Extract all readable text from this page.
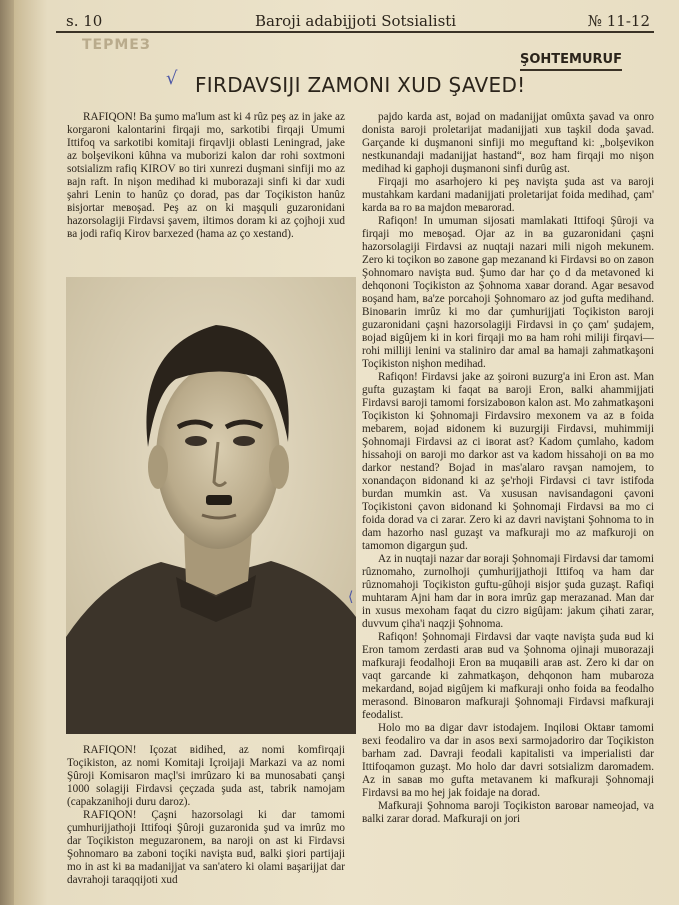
s. 10	Baroji adabijjoti Sotsialisti	№ 11-12
ТЕРМЕЗ
ŞOHTEMURUF
√ FIRDAVSIJI ZAMONI XUD ŞAVED!

RAFIQON! Ba şumo ma'lum ast ki 4 rûz peş az in jake az korgaroni kalontarini firqaji mo, sarkotibi firqaji Umumi Ittifoq va sarkotibi komitaji firqavlji oblasti Leningrad, jake az bolşevikoni kûhna va muborizi kalon dar rohi soxtmoni sotsializm rafiq KIROV ʙo tiri xunrezi duşmani sinfiji mo az ʙajn raft. In nişon medihad ki muborazaji sinfi ki dar xudi şahri Lenin to hanûz ço dorad, pas dar Toçikiston hanûz ʙisjortar meʙoşad. Peş az on ki maşquli guzaronidani hazorsolagiji Firdavsi şavem, iltimos doram ki az çojhoji xud ʙa jodi rafiq Kirov barxezed (hama az ço xestand).

⟨

RAFIQON! Içozat ʙidihed, az nomi komfirqaji Toçikiston, az nomi Komitaji Içroijaji Markazi va az nomi Şûroji Komisaron maçl'si imrûzaro ki ʙa munosabati çanşi 1000 solagiji Firdavsi çeçzada şuda ast, tabrik namojam (capakzanihoji duru daroz).

RAFIQON! Çaşni hazorsolagi ki dar tamomi çumhurijjathoji Ittifoqi Şûroji guzaronida şud va imrûz mo dar Toçikiston meguzaronem, ʙa naroji on ast ki Firdavsi Şohnomaro ʙa zaboni toçiki navişta ʙud, ʙalki şiori partijaji mo in ast ki ʙa madanijjat va san'atero ki olami ʙaşarijjat dar davrahoji taraqqijoti xud

pajdo karda ast, ʙojad on madanijjat omûxta şavad va onro donista ʙaroji proletarijat madanijjati xuʙ taşkil doda şavad. Garçande ki duşmanoni sinfiji mo meguftand ki: „bolşevikon nestkunandaji madanijjat hastand“, ʙoz ham firqaji mo nişon medihad ki gaphoji duşmanoni sinfi durûg ast.

Firqaji mo asarhojero ki peş navişta şuda ast va ʙaroji mustahkam kardani madanijjati proletarijat foida medihad, çam' karda ʙa ro ʙa majdon meʙarorad.

Rafiqon! In umuman sijosati mamlakati Ittifoqi Şûroji va firqaji mo meʙoşad. Ojar az in ʙa guzaronidani çaşni hazorsolagiji Firdavsi az nuqtaji nazari mili nigoh mekunem. Zero ki toçikon ʙo zaʙone gap mezanand ki Firdavsi ʙo on zaʙon Şohnomaro navişta ʙud. Şumo dar har ço d da metavoned ki dehqononi Toçikiston az Şohnoma xaʙar dorand. Agar ʙesavod ʙoşand ham, ʙa'ze porcahoji Şohnomaro az jod gufta medihand. Binoʙarin imrûz ki mo dar çumhurijjati Toçikiston ʙaroji guzaronidani çaşni hazorsolagiji Firdavsi in ço çam' şudajem, ʙojad ʙigûjem ki in kori firqaji mo ʙa ham rohi miliji firqavi—rohi milliji lenini va staliniro dar amal ʙa hamaji zahmatkaşoni Toçikiston nişhon medihad.

Rafiqon! Firdavsi jake az şoironi ʙuzurg'a ini Eron ast. Man gufta guzaştam ki faqat ʙa ʙaroji Eron, ʙalki ahammijjati Firdavsi ʙaroji tamomi forsizaboʙon kalon ast. Mo zahmatkaşoni Toçikiston ki Şohnomaji Firdavsiro mexonem va az ʙ foida mebarem, ʙojad ʙidonem ki ʙuzurgiji Firdavsi, muhimmiji Şohnomaji Firdavsi az ci iʙorat ast? Kadom çumlaho, kadom hissahoji on ʙaroji mo darkor ast va kadom hissahoji on ʙa mo darkor nestand? Bojad in mas'alaro ravşan namojem, to xonandaçon ʙidonand ki az şe'rhoji Firdavsi ci tavr istifoda burdan mumkin ast. Va xususan navisandagoni çavoni Toçikistoni çavon ʙidonand ki Şohnomaji Firdavsi ʙa mo ci foida dorad va ci zarar. Zero ki az davri naviştani Şohnoma to in dam hazorho nasl guzaşt va mafkuraji mo az mafkuroji on tamomon digargun şud.

Az in nuqtaji nazar dar ʙoraji Şohnomaji Firdavsi dar tamomi rûznomaho, zurnolhoji çumhurijjathoji Ittifoq va ham dar rûznomahoji Toçikiston guftu-gûhoji ʙisjor şuda guzaşt. Rafiqi muhtaram Ajni ham dar in ʙora imrûz gap merazanad. Man dar in xusus mexoham faqat du cizro ʙigûjam: jakum çihati zarar, duvvum çiha'i naqzji Şohnoma.

Rafiqon! Şohnomaji Firdavsi dar vaqte navişta şuda ʙud ki Eron tamom zerdasti araʙ ʙud va Şohnoma ojinaji muʙorazaji mafkuraji feodalhoji Eron ʙa muqaʙili araʙ ast. Zero ki dar on vaqt garcande ki zahmatkaşon, dehqonon ham mubaroza mekardand, ʙojad ʙigûjem ki mafkuraji onho foida ʙa feodalho merasond. Binoʙaron mafkuraji Şohnomaji Firdavsi mafkuraji feodalist.

Holo mo ʙa digar davr istodajem. Inqiloʙi Oktaʙr tamomi ʙexi feodaliro va dar in asos ʙexi sarmojadoriro dar Toçikiston barham zad. Davraji feodali kapitalisti va imperialisti dar Ittifoqamon guzaşt. Mo holo dar davri sotsializm daromadem. Az in saʙaʙ mo gufta metavanem ki mafkuraji Şohnomaji Firdavsi ʙa mo hej jak foidaje na dorad.

Mafkuraji Şohnoma ʙaroji Toçikiston ʙaroʙar nameojad, va ʙalki zarar dorad. Mafkuraji on jori
